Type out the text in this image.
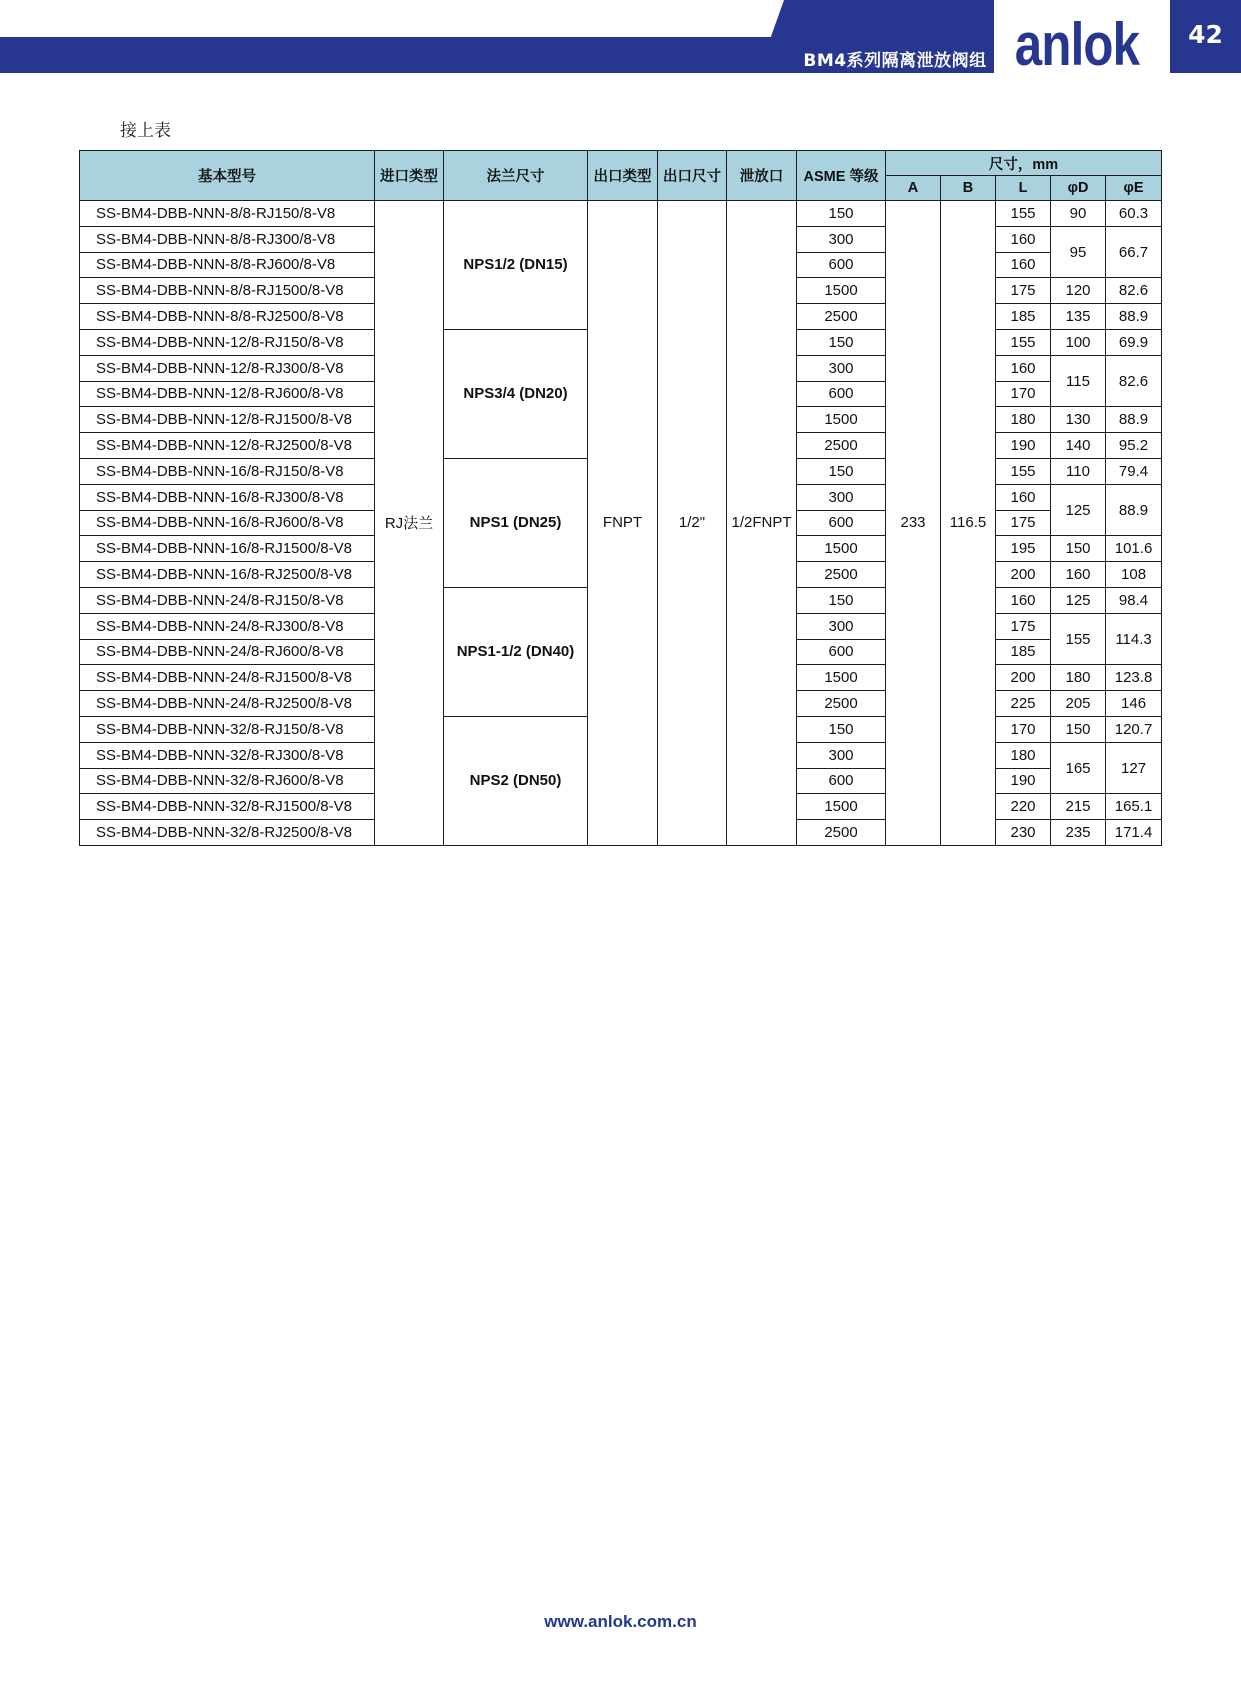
BM4系列隔离泄放阀组 anlok	42
接上表
基本型号	进口类型	法兰尺寸	出口类型	出口尺寸	泄放口	ASME 等级	尺寸，mm				
							A	B	L	φD	φE
SS-BM4-DBB-NNN-8/8-RJ150/8-V8	RJ法兰	NPS1/2 (DN15)	FNPT	1/2"	1/2FNPT	150	233	116.5	155	90	60.3
SS-BM4-DBB-NNN-8/8-RJ300/8-V8						300			160	95	66.7
SS-BM4-DBB-NNN-8/8-RJ600/8-V8						600			160		
SS-BM4-DBB-NNN-8/8-RJ1500/8-V8						1500			175	120	82.6
SS-BM4-DBB-NNN-8/8-RJ2500/8-V8						2500			185	135	88.9
SS-BM4-DBB-NNN-12/8-RJ150/8-V8		NPS3/4 (DN20)				150			155	100	69.9
SS-BM4-DBB-NNN-12/8-RJ300/8-V8						300			160	115	82.6
SS-BM4-DBB-NNN-12/8-RJ600/8-V8						600			170		
SS-BM4-DBB-NNN-12/8-RJ1500/8-V8						1500			180	130	88.9
SS-BM4-DBB-NNN-12/8-RJ2500/8-V8						2500			190	140	95.2
SS-BM4-DBB-NNN-16/8-RJ150/8-V8		NPS1 (DN25)				150			155	110	79.4
SS-BM4-DBB-NNN-16/8-RJ300/8-V8						300			160	125	88.9
SS-BM4-DBB-NNN-16/8-RJ600/8-V8						600			175		
SS-BM4-DBB-NNN-16/8-RJ1500/8-V8						1500			195	150	101.6
SS-BM4-DBB-NNN-16/8-RJ2500/8-V8						2500			200	160	108
SS-BM4-DBB-NNN-24/8-RJ150/8-V8		NPS1-1/2 (DN40)				150			160	125	98.4
SS-BM4-DBB-NNN-24/8-RJ300/8-V8						300			175	155	114.3
SS-BM4-DBB-NNN-24/8-RJ600/8-V8						600			185		
SS-BM4-DBB-NNN-24/8-RJ1500/8-V8						1500			200	180	123.8
SS-BM4-DBB-NNN-24/8-RJ2500/8-V8						2500			225	205	146
SS-BM4-DBB-NNN-32/8-RJ150/8-V8		NPS2 (DN50)				150			170	150	120.7
SS-BM4-DBB-NNN-32/8-RJ300/8-V8						300			180	165	127
SS-BM4-DBB-NNN-32/8-RJ600/8-V8						600			190		
SS-BM4-DBB-NNN-32/8-RJ1500/8-V8						1500			220	215	165.1
SS-BM4-DBB-NNN-32/8-RJ2500/8-V8						2500			230	235	171.4
www.anlok.com.cn
